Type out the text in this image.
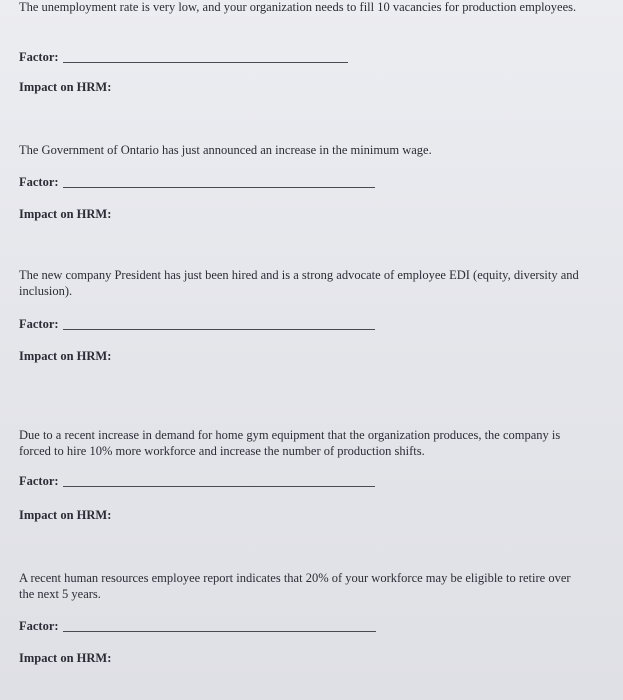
The unemployment rate is very low, and your organization needs to fill 10 vacancies for production employees.

Factor:
Impact on HRM:

The Government of Ontario has just announced an increase in the minimum wage.

Factor:
Impact on HRM:

The new company President has just been hired and is a strong advocate of employee EDI (equity, diversity and inclusion).

Factor:
Impact on HRM:

Due to a recent increase in demand for home gym equipment that the organization produces, the company is forced to hire 10% more workforce and increase the number of production shifts.

Factor:
Impact on HRM:

A recent human resources employee report indicates that 20% of your workforce may be eligible to retire over the next 5 years.

Factor:
Impact on HRM:
